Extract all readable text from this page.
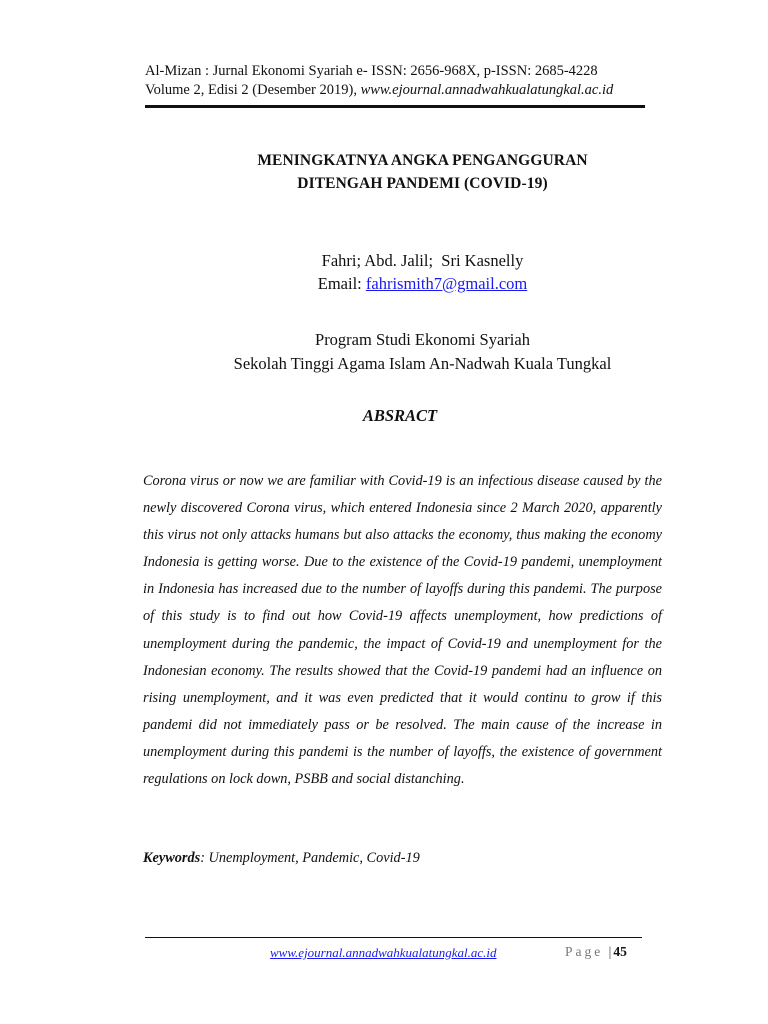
Al-Mizan : Jurnal Ekonomi Syariah e- ISSN: 2656-968X, p-ISSN: 2685-4228
Volume 2, Edisi 2 (Desember 2019), www.ejournal.annadwahkualatungkal.ac.id
MENINGKATNYA ANGKA PENGANGGURAN
DITENGAH PANDEMI (COVID-19)
Fahri; Abd. Jalil;  Sri Kasnelly
Email: fahrismith7@gmail.com
Program Studi Ekonomi Syariah
Sekolah Tinggi Agama Islam An-Nadwah Kuala Tungkal
ABSRACT
Corona virus or now we are familiar with Covid-19 is an infectious disease caused by the newly discovered Corona virus, which entered Indonesia since 2 March 2020, apparently this virus not only attacks humans but also attacks the economy, thus making the economy Indonesia is getting worse. Due to the existence of the Covid-19 pandemi, unemployment in Indonesia has increased due to the number of layoffs during this pandemi. The purpose of this study is to find out how Covid-19 affects unemployment, how predictions of unemployment during the pandemic, the impact of Covid-19 and unemployment for the Indonesian economy. The results showed that the Covid-19 pandemi had an influence on rising unemployment, and it was even predicted that it would continu to grow if this pandemi did not immediately pass or be resolved. The main cause of the increase in unemployment during this pandemi is the number of layoffs, the existence of government regulations on lock down, PSBB and social distanching.
Keywords: Unemployment, Pandemic, Covid-19
www.ejournal.annadwahkualatungkal.ac.id	Page | 45
